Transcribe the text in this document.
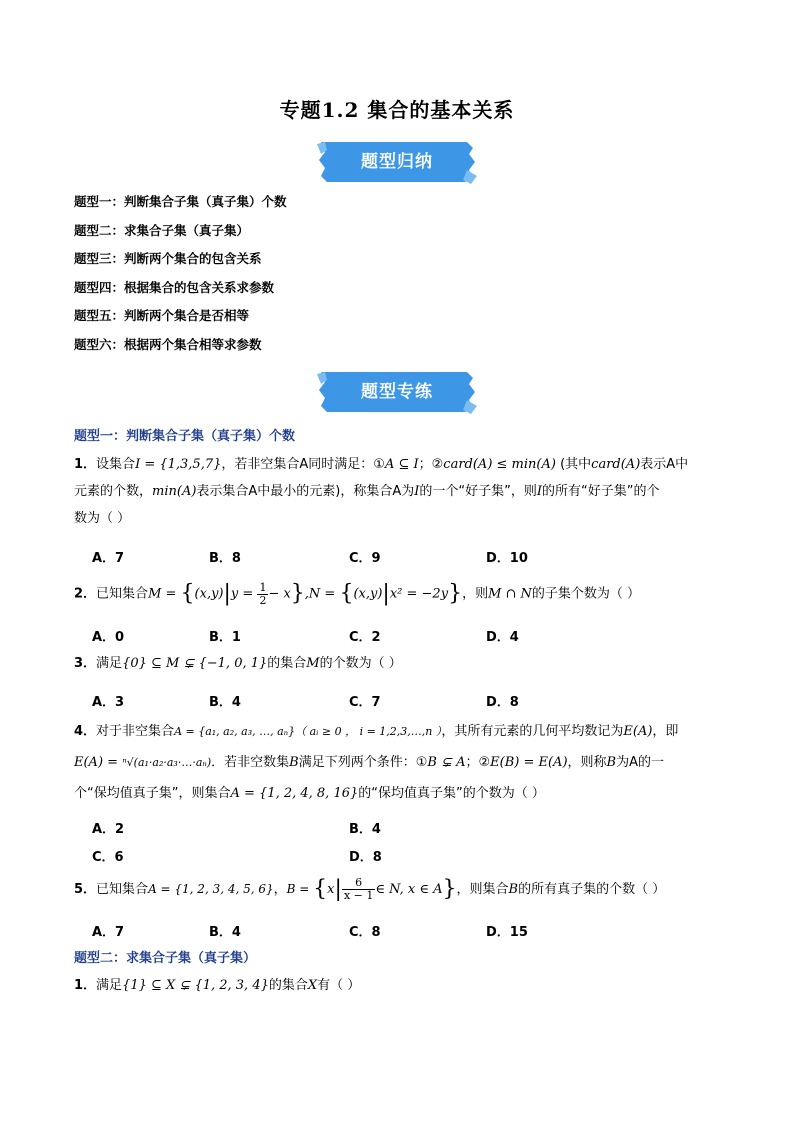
专题1.2 集合的基本关系
题型归纳
题型一：判断集合子集（真子集）个数
题型二：求集合子集（真子集）
题型三：判断两个集合的包含关系
题型四：根据集合的包含关系求参数
题型五：判断两个集合是否相等
题型六：根据两个集合相等求参数
题型专练
题型一：判断集合子集（真子集）个数
1．设集合I = {1,3,5,7}，若非空集合A同时满足：①A ⊆ I；②card(A) ≤ min(A) (其中card(A)表示A中
元素的个数，min(A)表示集合A中最小的元素)，称集合A为I的一个“好子集”，则I的所有“好子集”的个
数为（ ）
A．7	B．8	C．9	D．10
2．已知集合$M = \{(x,y)|y = \frac{1}{2} - x\},N = \{(x,y)|x^2 = -2y\}$，则M ∩ N的子集个数为（ ）
A．0	B．1	C．2	D．4
3．满足{0} ⊆ M ⊊ {−1, 0, 1}的集合M的个数为（ ）
A．3	B．4	C．7	D．8
4．对于非空集合A = {a₁, a₂, a₃, …, aₙ}（ aᵢ ≥ 0 ， i = 1,2,3,…,n ），其所有元素的几何平均数记为E(A)，即
E(A) = ⁿ√(a₁·a₂·a₃·…·aₙ)．若非空数集B满足下列两个条件：①B ⊊ A；②E(B) = E(A)，则称B为A的一
个“保均值真子集”，则集合A = {1, 2, 4, 8, 16}的“保均值真子集”的个数为（ ）
A．2	B．4
C．6	D．8
5．已知集合A = {1, 2, 3, 4, 5, 6}，$B = \{x| \frac{6}{x - 1}$ ∈ N, x ∈ A}，则集合B的所有真子集的个数（ ）
A．7	B．4	C．8	D．15
题型二：求集合子集（真子集）
1．满足{1} ⊆ X ⊊ {1, 2, 3, 4}的集合X有（ ）
